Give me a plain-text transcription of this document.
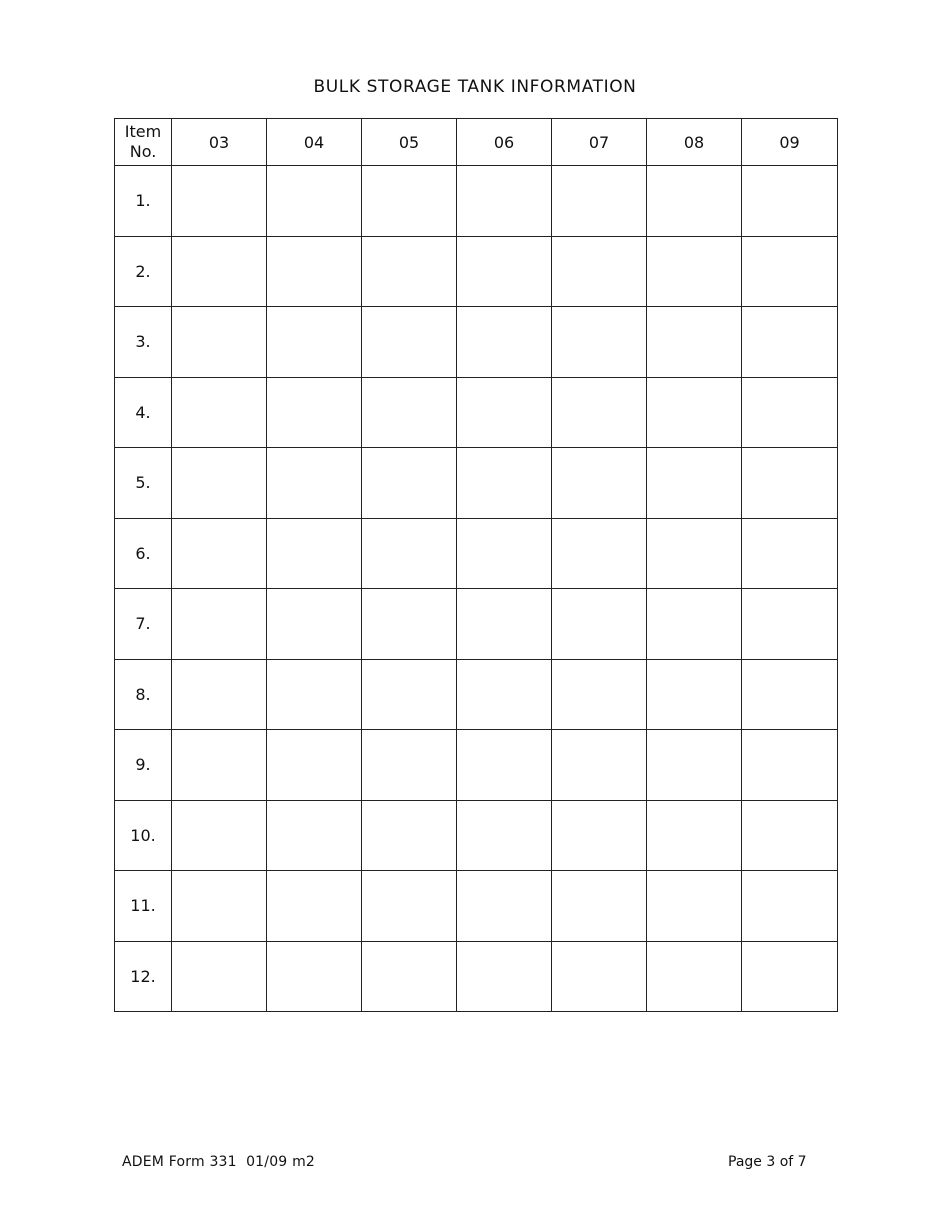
BULK STORAGE TANK INFORMATION
Item
No.	03	04	05	06	07	08	09
1.							
2.							
3.							
4.							
5.							
6.							
7.							
8.							
9.							
10.							
11.							
12.							
ADEM Form 331  01/09 m2	Page 3 of 7
